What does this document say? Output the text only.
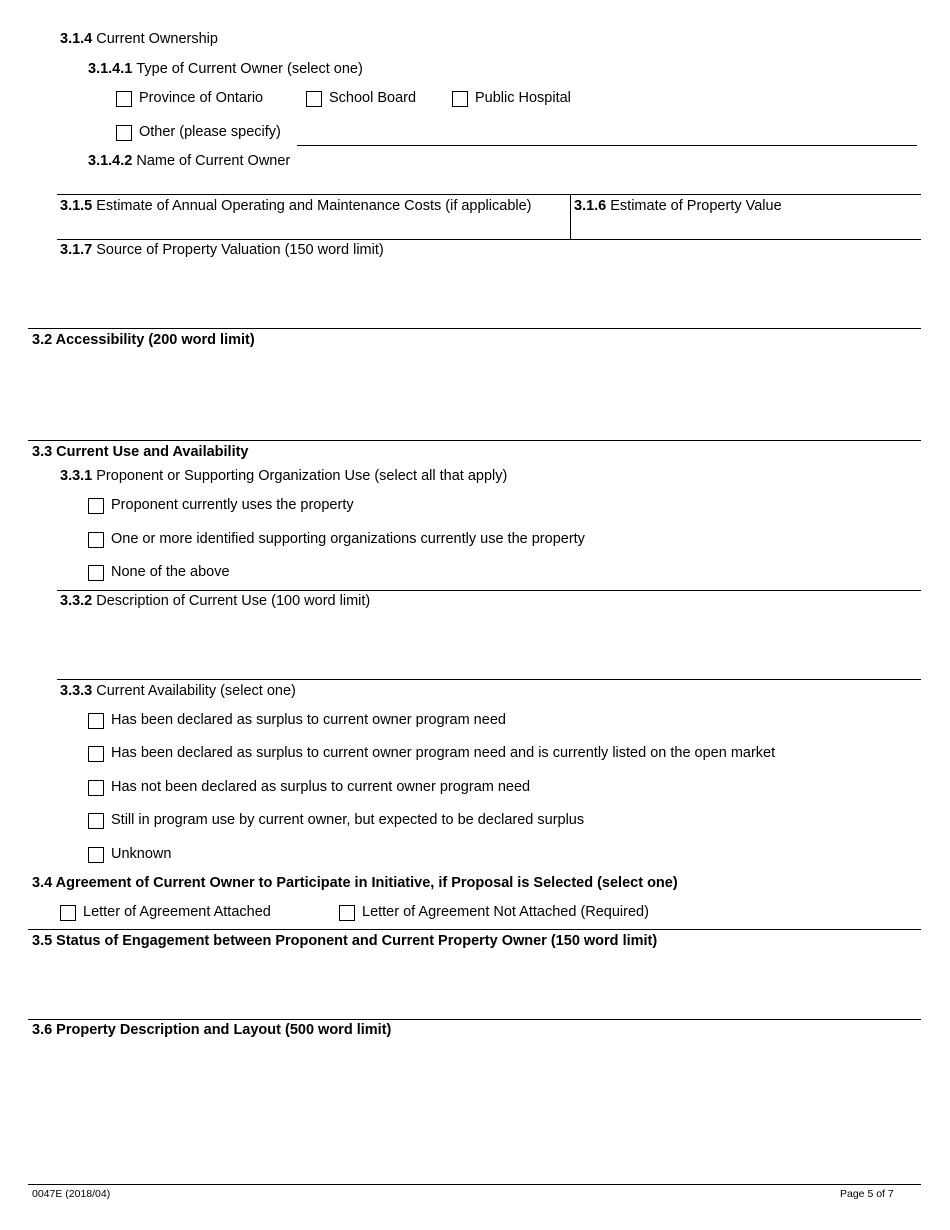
3.1.4 Current Ownership
3.1.4.1 Type of Current Owner (select one)
Province of Ontario	School Board	Public Hospital
Other (please specify)
3.1.4.2 Name of Current Owner
3.1.5 Estimate of Annual Operating and Maintenance Costs (if applicable)	3.1.6 Estimate of Property Value
3.1.7 Source of Property Valuation (150 word limit)
3.2 Accessibility (200 word limit)
3.3 Current Use and Availability
3.3.1 Proponent or Supporting Organization Use (select all that apply)
Proponent currently uses the property
One or more identified supporting organizations currently use the property
None of the above
3.3.2 Description of Current Use (100 word limit)
3.3.3 Current Availability (select one)
Has been declared as surplus to current owner program need
Has been declared as surplus to current owner program need and is currently listed on the open market
Has not been declared as surplus to current owner program need
Still in program use by current owner, but expected to be declared surplus
Unknown
3.4 Agreement of Current Owner to Participate in Initiative, if Proposal is Selected (select one)
Letter of Agreement Attached	Letter of Agreement Not Attached (Required)
3.5 Status of Engagement between Proponent and Current Property Owner (150 word limit)
3.6 Property Description and Layout (500 word limit)
0047E (2018/04)	Page 5 of 7
